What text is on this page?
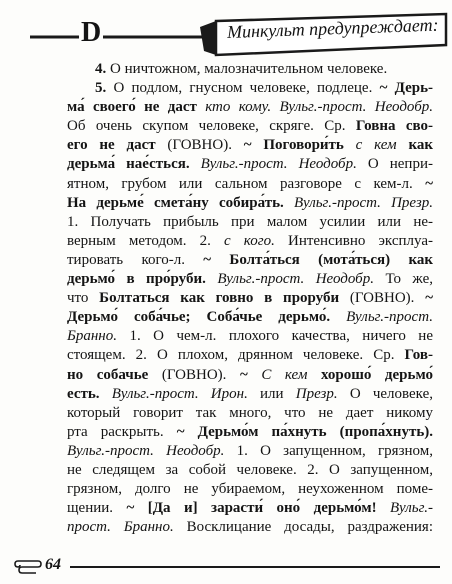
D	Минкульт предупреждает:
4. О ничтожном, малозначительном человеке.
5. О подлом, гнусном человеке, подлеце. ~ Дерь-
ма́ своего́ не даст кто кому. Вульг.-прост. Неодобр.
Об очень скупом человеке, скряге. Ср. Говна сво-
его не даст (ГОВНО). ~ Поговори́ть с кем как
дерьма́ нае́сться. Вульг.-прост. Неодобр. О непри-
ятном, грубом или сальном разговоре с кем-л. ~
На дерьме́ смета́ну собира́ть. Вульг.-прост. Презр.
1. Получать прибыль при малом усилии или не-
верным методом. 2. с кого. Интенсивно эксплуа-
тировать кого-л. ~ Болта́ться (мота́ться) как
дерьмо́ в про́руби. Вульг.-прост. Неодобр. То же,
что Болтаться как говно в проруби (ГОВНО). ~
Дерьмо́ соба́чье; Соба́чье дерьмо́. Вульг.-прост.
Бранно. 1. О чем-л. плохого качества, ничего не
стоящем. 2. О плохом, дрянном человеке. Ср. Гов-
но собачье (ГОВНО). ~ С кем хорошо́ дерьмо́
есть. Вульг.-прост. Ирон. или Презр. О человеке,
который говорит так много, что не дает никому
рта раскрыть. ~ Дерьмо́м па́хнуть (пропа́хнуть).
Вульг.-прост. Неодобр. 1. О запущенном, грязном,
не следящем за собой человеке. 2. О запущенном,
грязном, долго не убираемом, неухоженном поме-
щении. ~ [Да и] зарасти́ оно́ дерьмо́м! Вульг.-
прост. Бранно. Восклицание досады, раздражения:
64
